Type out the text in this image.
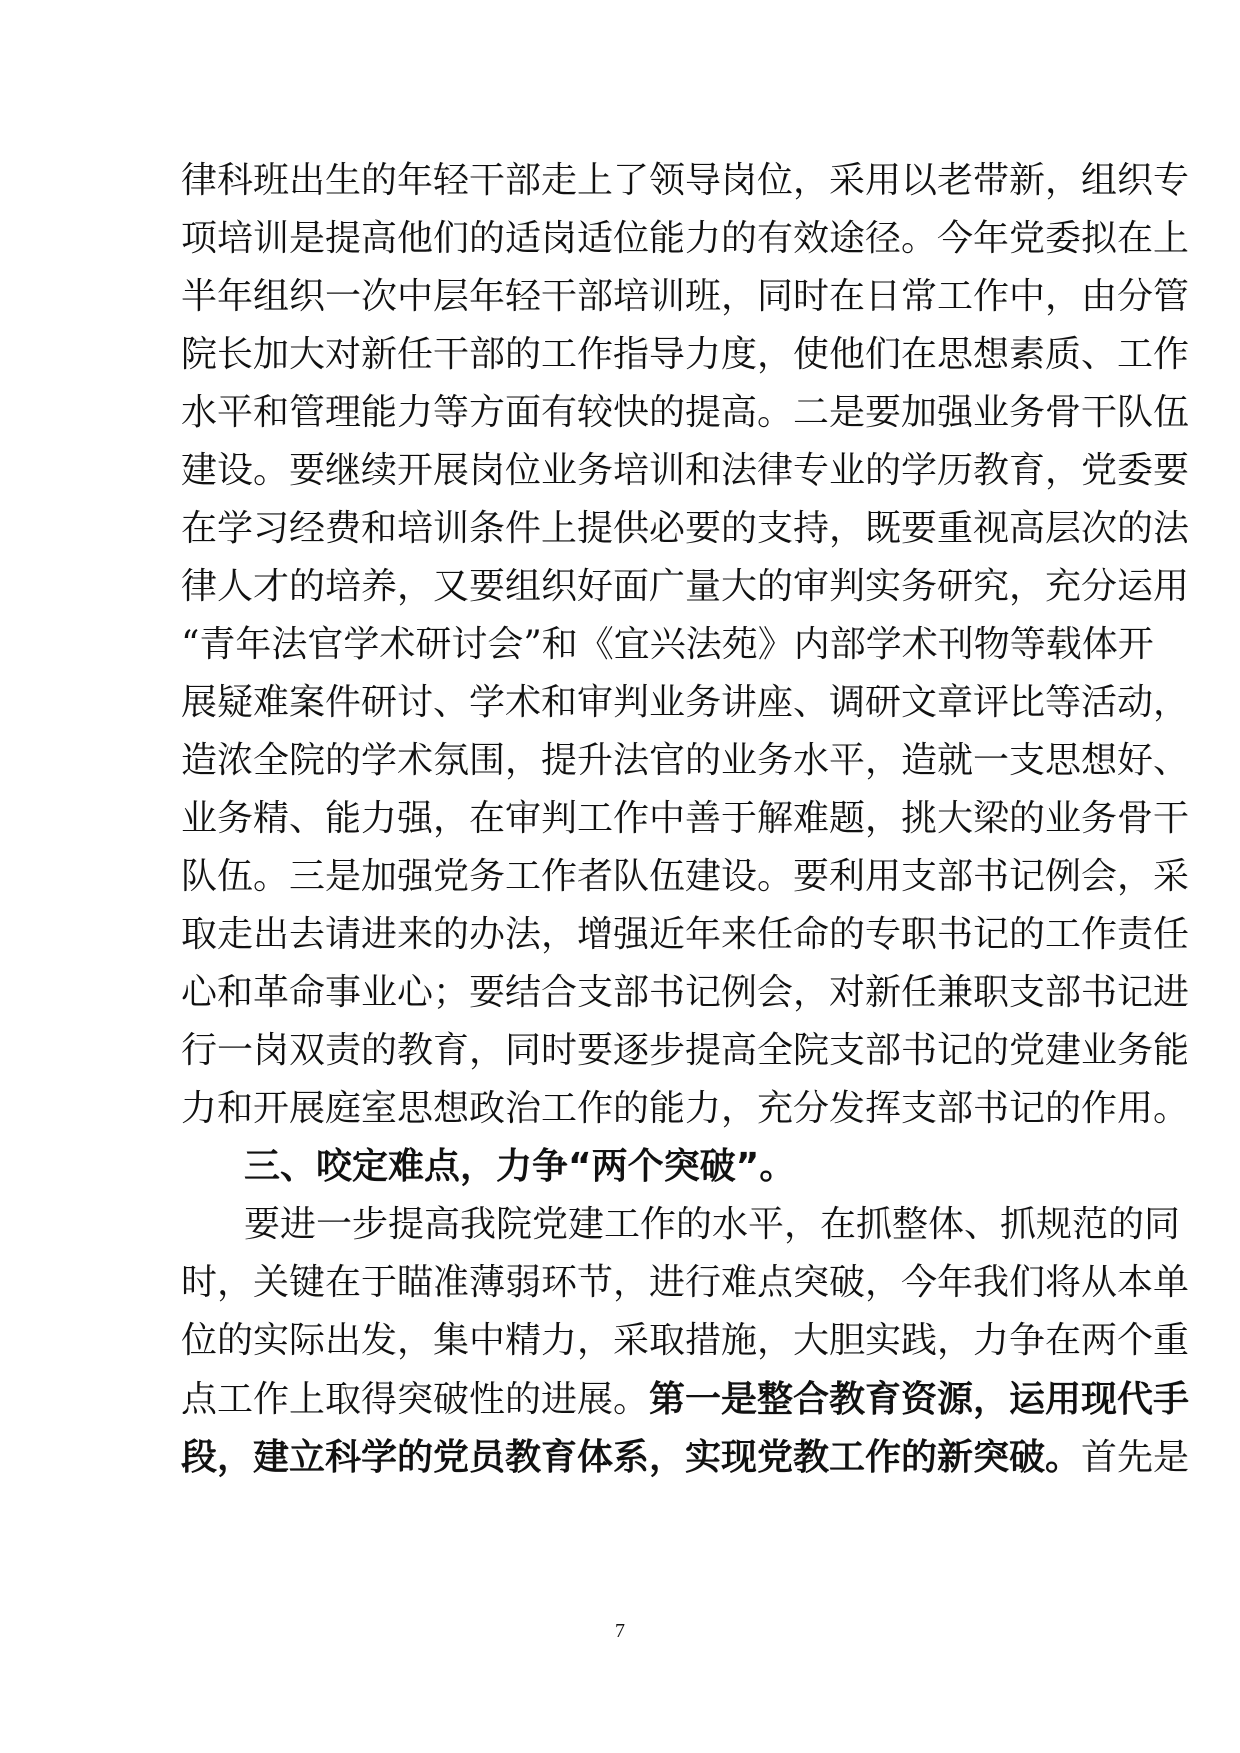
律科班出生的年轻干部走上了领导岗位，采用以老带新，组织专
项培训是提高他们的适岗适位能力的有效途径。今年党委拟在上
半年组织一次中层年轻干部培训班，同时在日常工作中，由分管
院长加大对新任干部的工作指导力度，使他们在思想素质、工作
水平和管理能力等方面有较快的提高。二是要加强业务骨干队伍
建设。要继续开展岗位业务培训和法律专业的学历教育，党委要
在学习经费和培训条件上提供必要的支持，既要重视高层次的法
律人才的培养，又要组织好面广量大的审判实务研究，充分运用
“青年法官学术研讨会”和《宜兴法苑》内部学术刊物等载体开
展疑难案件研讨、学术和审判业务讲座、调研文章评比等活动，
造浓全院的学术氛围，提升法官的业务水平，造就一支思想好、
业务精、能力强，在审判工作中善于解难题，挑大梁的业务骨干
队伍。三是加强党务工作者队伍建设。要利用支部书记例会，采
取走出去请进来的办法，增强近年来任命的专职书记的工作责任
心和革命事业心；要结合支部书记例会，对新任兼职支部书记进
行一岗双责的教育，同时要逐步提高全院支部书记的党建业务能
力和开展庭室思想政治工作的能力，充分发挥支部书记的作用。
三、咬定难点，力争“两个突破”。
要进一步提高我院党建工作的水平，在抓整体、抓规范的同
时，关键在于瞄准薄弱环节，进行难点突破，今年我们将从本单
位的实际出发，集中精力，采取措施，大胆实践，力争在两个重
点工作上取得突破性的进展。第一是整合教育资源，运用现代手
段，建立科学的党员教育体系，实现党教工作的新突破。首先是
7
